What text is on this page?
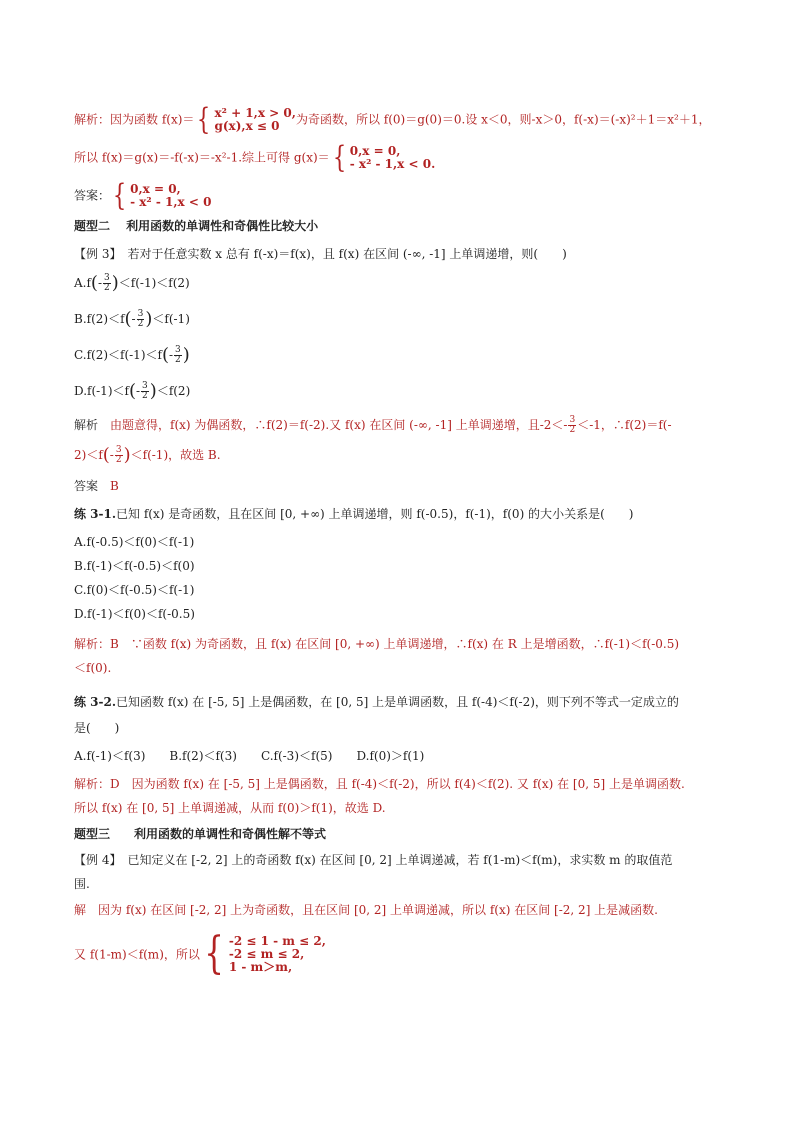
解析：因为函数 f(x)＝ { x² + 1,x > 0,
g(x),x ≤ 0	为奇函数，所以 f(0)＝g(0)＝0.设 x＜0，则-x＞0，f(-x)＝(-x)²＋1＝x²＋1，
所以 f(x)＝g(x)＝-f(-x)＝-x²-1.综上可得 g(x)＝ { 0,x = 0,
- x² - 1,x < 0.
答案： { 0,x = 0,
- x² - 1,x < 0
题型二　 利用函数的单调性和奇偶性比较大小
【例 3】　若对于任意实数 x 总有 f(-x)＝f(x)，且 f(x) 在区间 (-∞, -1] 上单调递增，则(　　)
$A.f(- \frac{3}{2} )<f(-1)<f(2)$
$B.f(2)<f(- \frac{3}{2} )<f(-1)$
$C.f(2)<f(-1)<f(- \frac{3}{2}$ )
$D.f(-1)<f(- \frac{3}{2} )<f(2)$
解析　由题意得，f(x) 为偶函数，∴f(2)＝f(-2).又 f(x) 在区间 (-∞, -1] 上单调递增，且$-2<- \frac{3}{2} <-1$，∴f(2)＝f(-
$2)<f(- \frac{3}{2} )<f(-1)$，故选 B.
答案　B
练 3-1.已知 f(x) 是奇函数，且在区间 [0, +∞) 上单调递增，则 f(-0.5)，f(-1)，f(0) 的大小关系是(　　)
A.f(-0.5)＜f(0)＜f(-1)
B.f(-1)＜f(-0.5)＜f(0)
C.f(0)＜f(-0.5)＜f(-1)
D.f(-1)＜f(0)＜f(-0.5)
解析：B　∵函数 f(x) 为奇函数，且 f(x) 在区间 [0, +∞) 上单调递增，∴f(x) 在 R 上是增函数，∴f(-1)＜f(-0.5)
＜f(0).
练 3-2.已知函数 f(x) 在 [-5, 5] 上是偶函数，在 [0, 5] 上是单调函数，且 f(-4)＜f(-2)，则下列不等式一定成立的
是(　　)
A.f(-1)＜f(3) B.f(2)＜f(3) C.f(-3)＜f(5) D.f(0)＞f(1)
解析：D　因为函数 f(x) 在 [-5, 5] 上是偶函数，且 f(-4)＜f(-2)，所以 f(4)＜f(2). 又 f(x) 在 [0, 5] 上是单调函数.
所以 f(x) 在 [0, 5] 上单调递减，从而 f(0)＞f(1)，故选 D.
题型三　　利用函数的单调性和奇偶性解不等式
【例 4】　已知定义在 [-2, 2] 上的奇函数 f(x) 在区间 [0, 2] 上单调递减，若 f(1-m)＜f(m)，求实数 m 的取值范
围.
解　因为 f(x) 在区间 [-2, 2] 上为奇函数，且在区间 [0, 2] 上单调递减，所以 f(x) 在区间 [-2, 2] 上是减函数.
又 f(1-m)＜f(m)，所以 { -2 ≤ 1 - m ≤ 2,
-2 ≤ m ≤ 2,
1 - m＞m,
